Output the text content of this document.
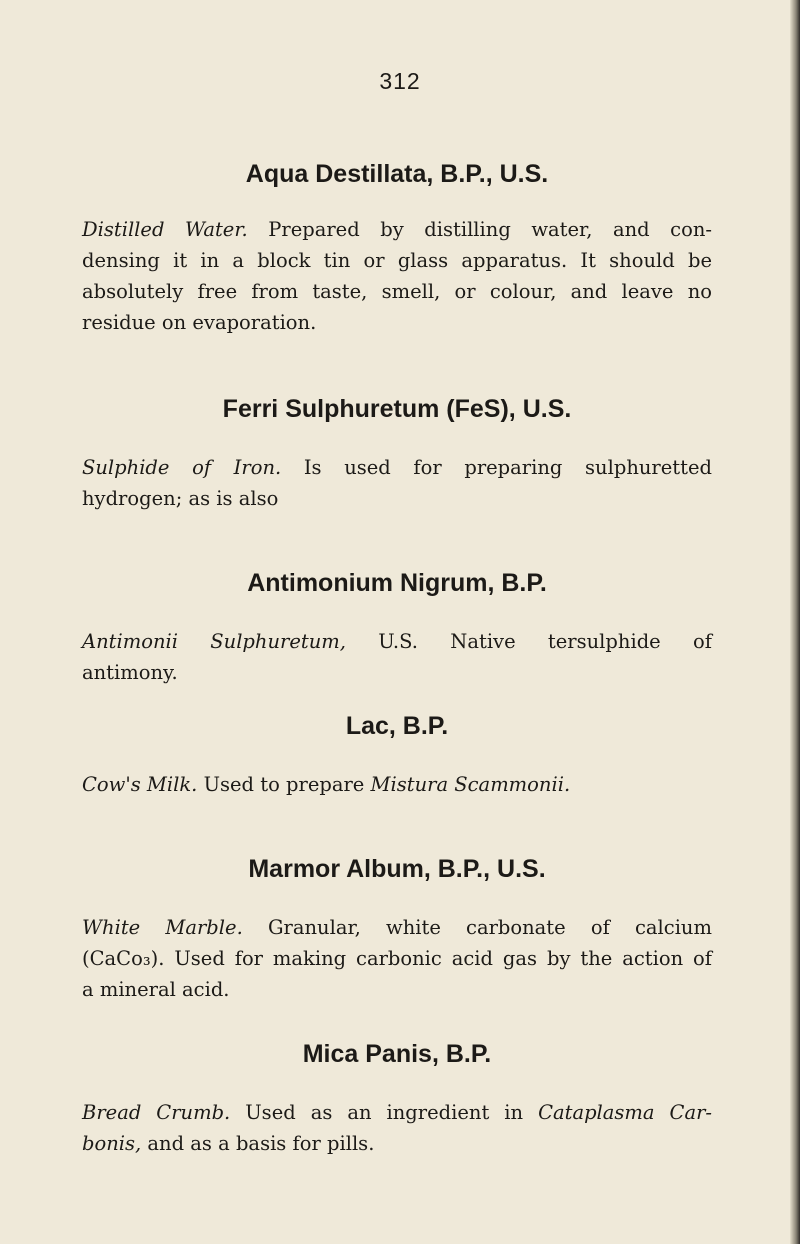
312
Aqua Destillata, B.P., U.S.
Distilled Water. Prepared by distilling water, and con-
densing it in a block tin or glass apparatus. It should be
absolutely free from taste, smell, or colour, and leave no
residue on evaporation.
Ferri Sulphuretum (FeS), U.S.
Sulphide of Iron. Is used for preparing sulphuretted
hydrogen; as is also
Antimonium Nigrum, B.P.
Antimonii Sulphuretum, U.S. Native tersulphide of
antimony.
Lac, B.P.
Cow's Milk. Used to prepare Mistura Scammonii.
Marmor Album, B.P., U.S.
White Marble. Granular, white carbonate of calcium
(CaCo₃). Used for making carbonic acid gas by the action of
a mineral acid.
Mica Panis, B.P.
Bread Crumb. Used as an ingredient in Cataplasma Car-
bonis, and as a basis for pills.
